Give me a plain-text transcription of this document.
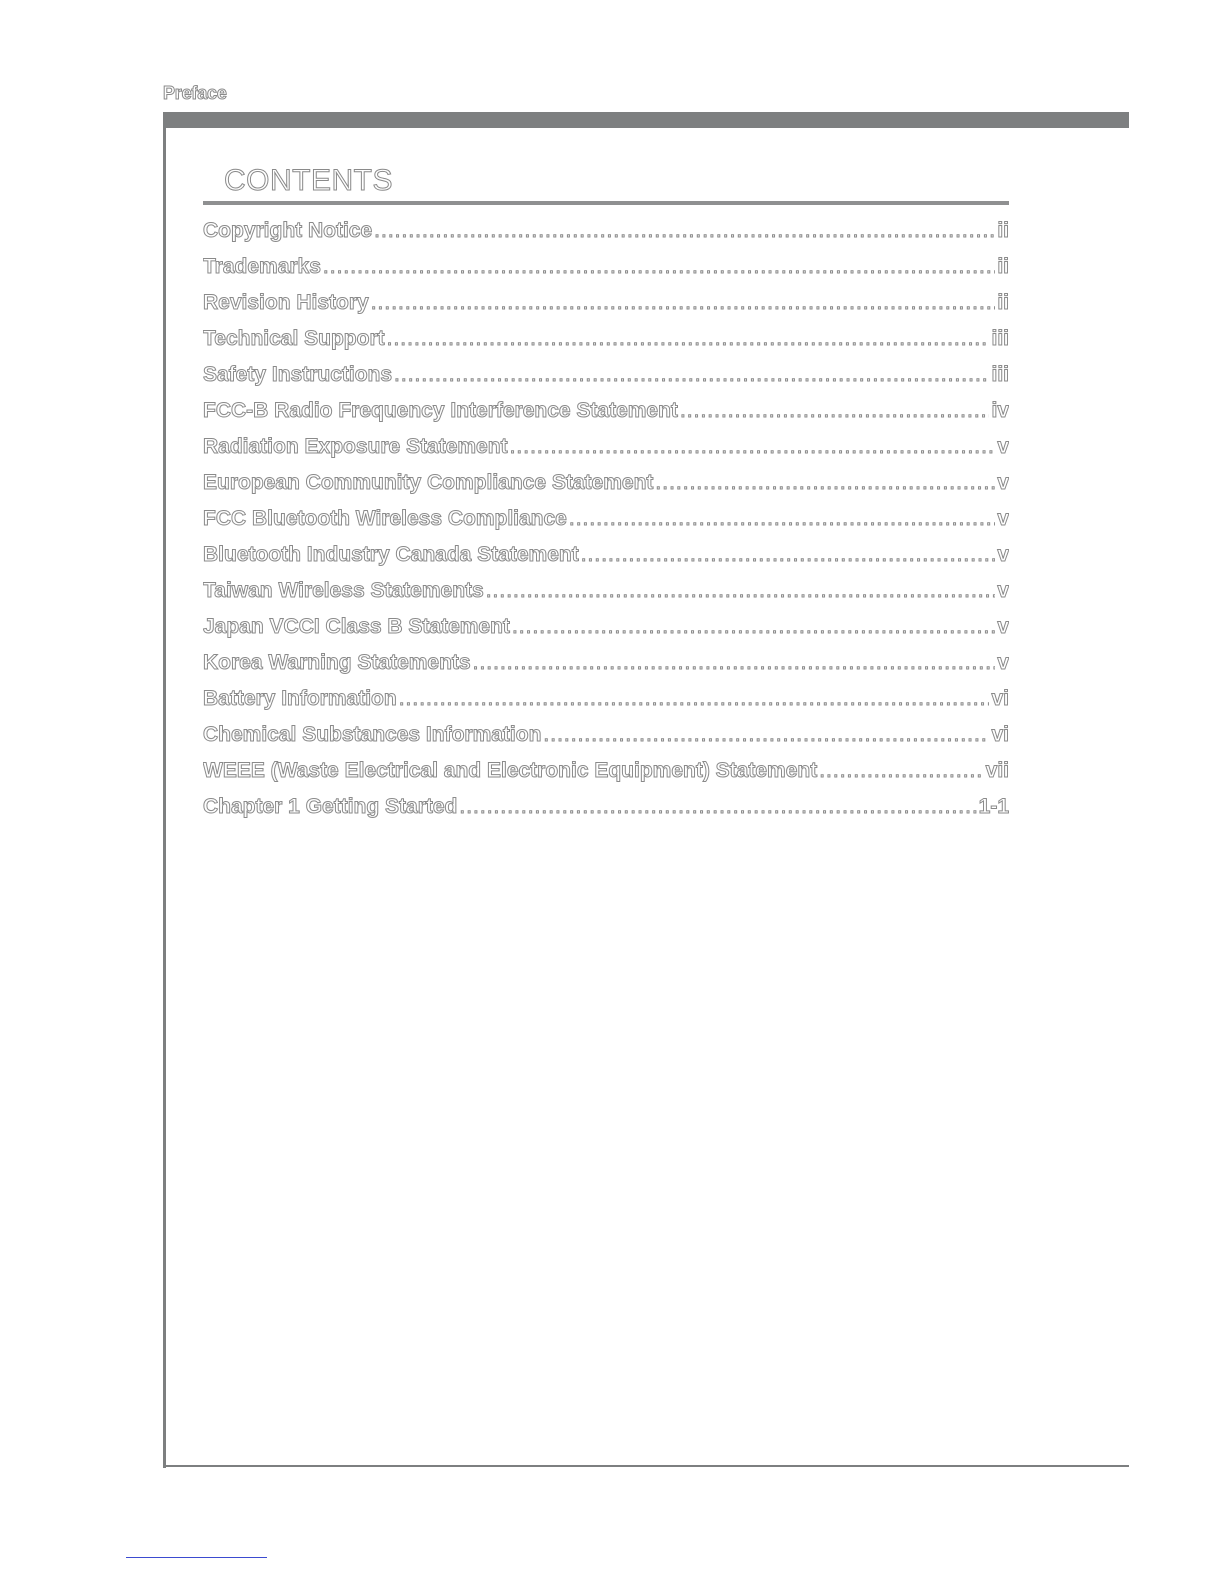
Preface
CONTENTS
Copyright Notice .....	ii
Trademarks .....	ii
Revision History .....	ii
Technical Support .....	iii
Safety Instructions .....	iii
FCC-B Radio Frequency Interference Statement .....	iv
Radiation Exposure Statement .....	v
European Community Compliance Statement .....	v
FCC Bluetooth Wireless Compliance .....	v
Bluetooth Industry Canada Statement .....	v
Taiwan Wireless Statements .....	v
Japan VCCI Class B Statement .....	v
Korea Warning Statements .....	v
Battery Information .....	vi
Chemical Substances Information .....	vi
WEEE (Waste Electrical and Electronic Equipment) Statement .....	vii
Chapter 1 Getting Started .....	1-1
